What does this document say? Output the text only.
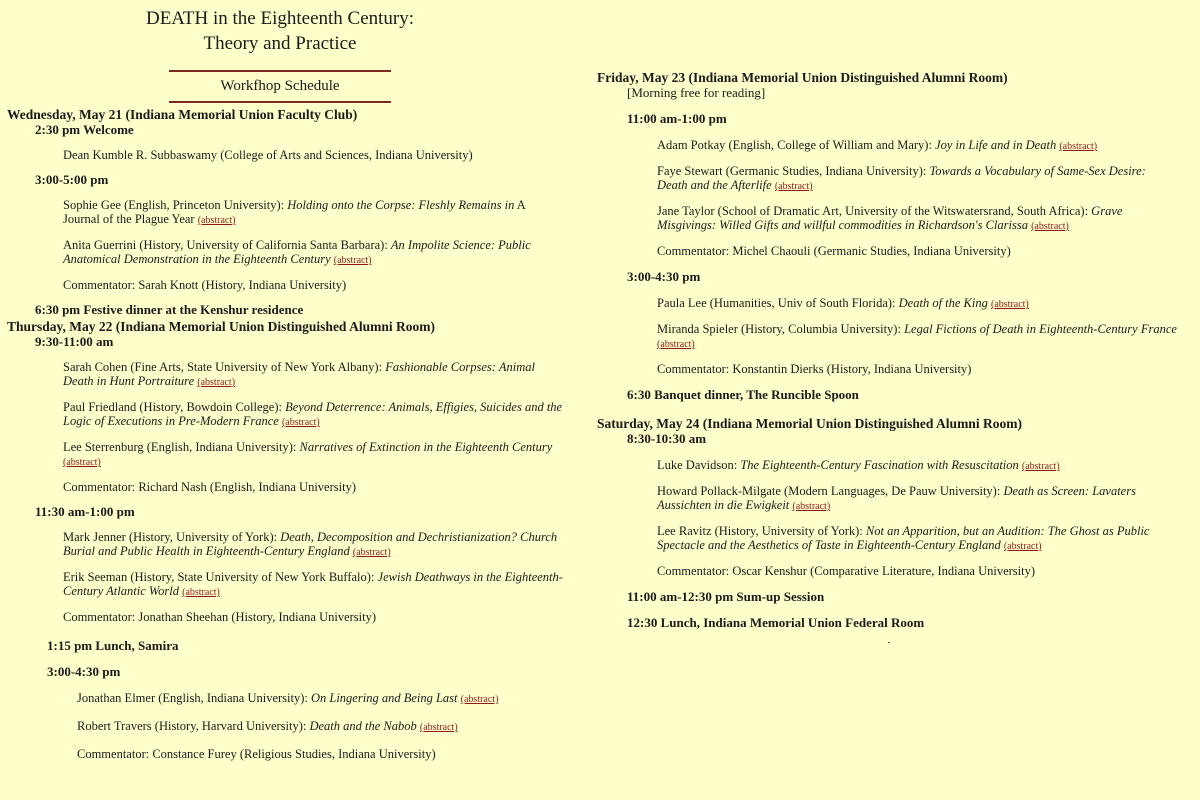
DEATH in the Eighteenth Century:
Theory and Practice

Workfhop Schedule

Wednesday, May 21 (Indiana Memorial Union Faculty Club)

2:30 pm Welcome

Dean Kumble R. Subbaswamy (College of Arts and Sciences, Indiana University)

3:00-5:00 pm

Sophie Gee (English, Princeton University): Holding onto the Corpse: Fleshly Remains in A Journal of the Plague Year (abstract)

Anita Guerrini (History, University of California Santa Barbara): An Impolite Science: Public Anatomical Demonstration in the Eighteenth Century (abstract)

Commentator: Sarah Knott (History, Indiana University)

6:30 pm Festive dinner at the Kenshur residence

Thursday, May 22 (Indiana Memorial Union Distinguished Alumni Room)

9:30-11:00 am

Sarah Cohen (Fine Arts, State University of New York Albany): Fashionable Corpses: Animal Death in Hunt Portraiture (abstract)

Paul Friedland (History, Bowdoin College): Beyond Deterrence: Animals, Effigies, Suicides and the Logic of Executions in Pre-Modern France (abstract)

Lee Sterrenburg (English, Indiana University): Narratives of Extinction in the Eighteenth Century (abstract)

Commentator: Richard Nash (English, Indiana University)

11:30 am-1:00 pm

Mark Jenner (History, University of York): Death, Decomposition and Dechristianization? Church Burial and Public Health in Eighteenth-Century England (abstract)

Erik Seeman (History, State University of New York Buffalo): Jewish Deathways in the Eighteenth-Century Atlantic World (abstract)

Commentator: Jonathan Sheehan (History, Indiana University)

1:15 pm Lunch, Samira

3:00-4:30 pm

Jonathan Elmer (English, Indiana University): On Lingering and Being Last (abstract)

Robert Travers (History, Harvard University): Death and the Nabob (abstract)

Commentator: Constance Furey (Religious Studies, Indiana University)

Friday, May 23 (Indiana Memorial Union Distinguished Alumni Room)

[Morning free for reading]

11:00 am-1:00 pm

Adam Potkay (English, College of William and Mary): Joy in Life and in Death (abstract)

Faye Stewart (Germanic Studies, Indiana University): Towards a Vocabulary of Same-Sex Desire: Death and the Afterlife (abstract)

Jane Taylor (School of Dramatic Art, University of the Witswatersrand, South Africa): Grave Misgivings: Willed Gifts and willful commodities in Richardson's Clarissa (abstract)

Commentator: Michel Chaouli (Germanic Studies, Indiana University)

3:00-4:30 pm

Paula Lee (Humanities, Univ of South Florida): Death of the King (abstract)

Miranda Spieler (History, Columbia University): Legal Fictions of Death in Eighteenth-Century France (abstract)

Commentator: Konstantin Dierks (History, Indiana University)

6:30 Banquet dinner, The Runcible Spoon

Saturday, May 24 (Indiana Memorial Union Distinguished Alumni Room)

8:30-10:30 am

Luke Davidson: The Eighteenth-Century Fascination with Resuscitation (abstract)

Howard Pollack-Milgate (Modern Languages, De Pauw University): Death as Screen: Lavaters Aussichten in die Ewigkeit (abstract)

Lee Ravitz (History, University of York): Not an Apparition, but an Audition: The Ghost as Public Spectacle and the Aesthetics of Taste in Eighteenth-Century England (abstract)

Commentator: Oscar Kenshur (Comparative Literature, Indiana University)

11:00 am-12:30 pm Sum-up Session

12:30 Lunch, Indiana Memorial Union Federal Room
